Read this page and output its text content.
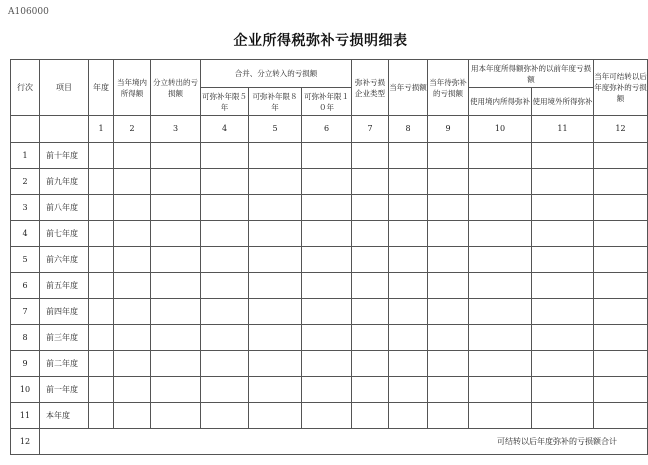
A106000
企业所得税弥补亏损明细表
行次	项目	年度	当年境内所得额	分立转出的亏损额	合并、分立转入的亏损额			弥补亏损企业类型	当年亏损额	当年待弥补的亏损额	用本年度所得额弥补的以前年度亏损额		当年可结转以后年度弥补的亏损额
					可弥补年限５年	可弥补年限８年	可弥补年限１０年				使用境内所得弥补	使用境外所得弥补	
		1	2	3	4	5	6	7	8	9	10	11	12
1	前十年度												
2	前九年度												
3	前八年度												
4	前七年度												
5	前六年度												
6	前五年度												
7	前四年度												
8	前三年度												
9	前二年度												
10	前一年度												
11	本年度												
12	可结转以后年度弥补的亏损额合计												
